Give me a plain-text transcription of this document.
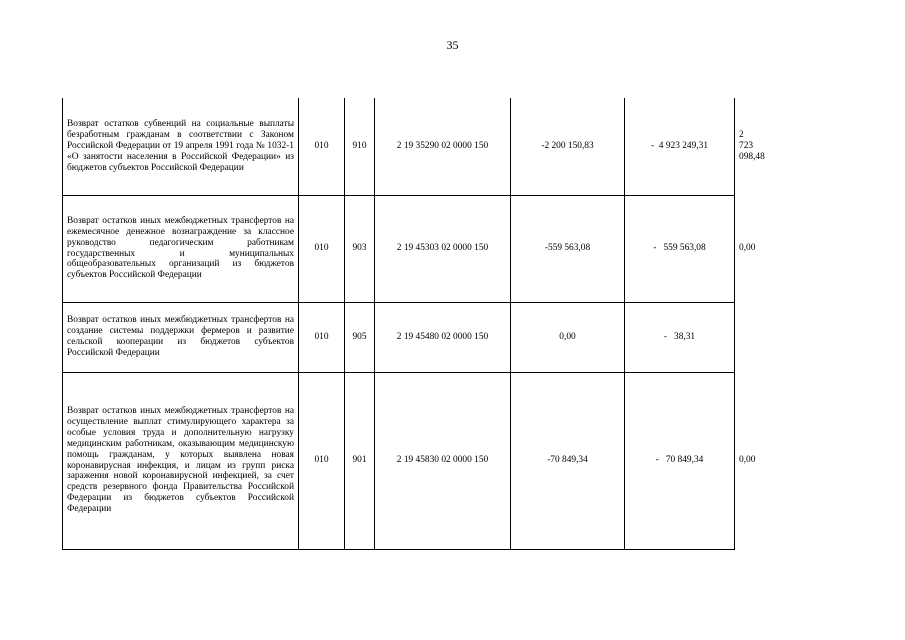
35
Возврат остатков субвенций на социальные выплаты безработным гражданам в соответствии с Законом Российской Федерации от 19 апреля 1991 года № 1032-1 «О занятости населения в Российской Федерации» из бюджетов субъектов Российской Федерации	010	910	2 19 35290 02 0000 150	-2 200 150,83	-  4 923 249,31	2 723 098,48
Возврат остатков иных межбюджетных трансфертов на ежемесячное денежное вознаграждение за классное руководство педагогическим работникам государственных и муниципальных общеобразовательных организаций из бюджетов субъектов Российской Федерации	010	903	2 19 45303 02 0000 150	-559 563,08	-   559 563,08	0,00
Возврат остатков иных межбюджетных трансфертов на создание системы поддержки фермеров и развитие сельской кооперации из бюджетов субъектов Российской Федерации	010	905	2 19 45480 02 0000 150	0,00	-   38,31	
Возврат остатков иных межбюджетных трансфертов на осуществление выплат стимулирующего характера за особые условия труда и дополнительную нагрузку медицинским работникам, оказывающим медицинскую помощь гражданам, у которых выявлена новая коронавирусная инфекция, и лицам из групп риска заражения новой коронавирусной инфекцией, за счет средств резервного фонда Правительства Российской Федерации из бюджетов субъектов Российской Федерации	010	901	2 19 45830 02 0000 150	-70 849,34	-   70 849,34	0,00
